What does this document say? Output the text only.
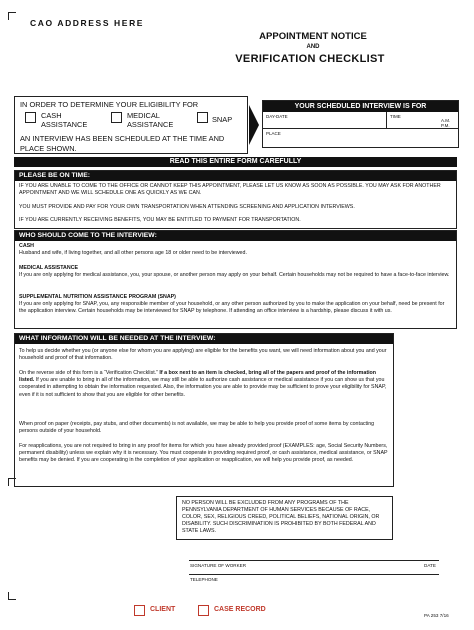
CAO ADDRESS HERE
APPOINTMENT NOTICE
AND
VERIFICATION CHECKLIST
IN ORDER TO DETERMINE YOUR ELIGIBILITY FOR
CASH
ASSISTANCE
MEDICAL
ASSISTANCE
SNAP
AN INTERVIEW HAS BEEN SCHEDULED AT THE TIME AND
PLACE SHOWN.
YOUR SCHEDULED INTERVIEW IS FOR
DAY-DATE	TIME
A.M.
P.M.
PLACE
READ THIS ENTIRE FORM CAREFULLY
PLEASE BE ON TIME:

IF YOU ARE UNABLE TO COME TO THE OFFICE OR CANNOT KEEP THIS APPOINTMENT, PLEASE LET US KNOW AS SOON AS POSSIBLE. YOU MAY ASK FOR ANOTHER APPOINTMENT AND WE WILL SCHEDULE ONE AS QUICKLY AS WE CAN.

YOU MUST PROVIDE AND PAY FOR YOUR OWN TRANSPORTATION WHEN ATTENDING SCREENING AND APPLICATION INTERVIEWS.

IF YOU ARE CURRENTLY RECEIVING BENEFITS, YOU MAY BE ENTITLED TO PAYMENT FOR TRANSPORTATION.

WHO SHOULD COME TO THE INTERVIEW:

CASH

Husband and wife, if living together, and all other persons age 18 or older need to be interviewed.

MEDICAL ASSISTANCE

If you are only applying for medical assistance, you, your spouse, or another person may apply on your behalf. Certain households may not be required to have a face-to-face interview.

SUPPLEMENTAL NUTRITION ASSISTANCE PROGRAM (SNAP)

If you are only applying for SNAP, you, any responsible member of your household, or any other person authorized by you to make the application on your behalf, need be present for the application interview. Certain households may be interviewed for SNAP by telephone. If attending an office interview is a hardship, please discuss it with us.

WHAT INFORMATION WILL BE NEEDED AT THE INTERVIEW:

To help us decide whether you (or anyone else for whom you are applying) are eligible for the benefits you want, we will need information about you and your household and proof of that information.

On the reverse side of this form is a “Verification Checklist.” If a box next to an item is checked, bring all of the papers and proof of the information listed. If you are unable to bring in all of the information, we may still be able to authorize cash assistance or medical assistance if you can show us that you cooperated in attempting to obtain the information requested. Also, the information you are able to provide may be sufficient to prove your eligibility for SNAP, even if it is not sufficient to show that you are eligible for other benefits.

When proof on paper (receipts, pay stubs, and other documents) is not available, we may be able to help you provide proof of some items by contacting persons outside of your household.

For reapplications, you are not required to bring in any proof for items for which you have already provided proof (EXAMPLES: age, Social Security Numbers, permanent disability) unless we explain why it is necessary. You must cooperate in providing required proof, or cash assistance, medical assistance, or SNAP benefits may be denied. If you are cooperating in the completion of your application or reapplication, we will help you provide proof, as needed.

NO PERSON WILL BE EXCLUDED FROM ANY PROGRAMS OF THE PENNSYLVANIA DEPARTMENT OF HUMAN SERVICES BECAUSE OF RACE, COLOR, SEX, RELIGIOUS CREED, POLITICAL BELIEFS, NATIONAL ORIGIN, OR DISABILITY. SUCH DISCRIMINATION IS PROHIBITED BY BOTH FEDERAL AND STATE LAWS.
SIGNATURE OF WORKER	DATE
TELEPHONE
CLIENT	CASE RECORD
PA 253 7/16
